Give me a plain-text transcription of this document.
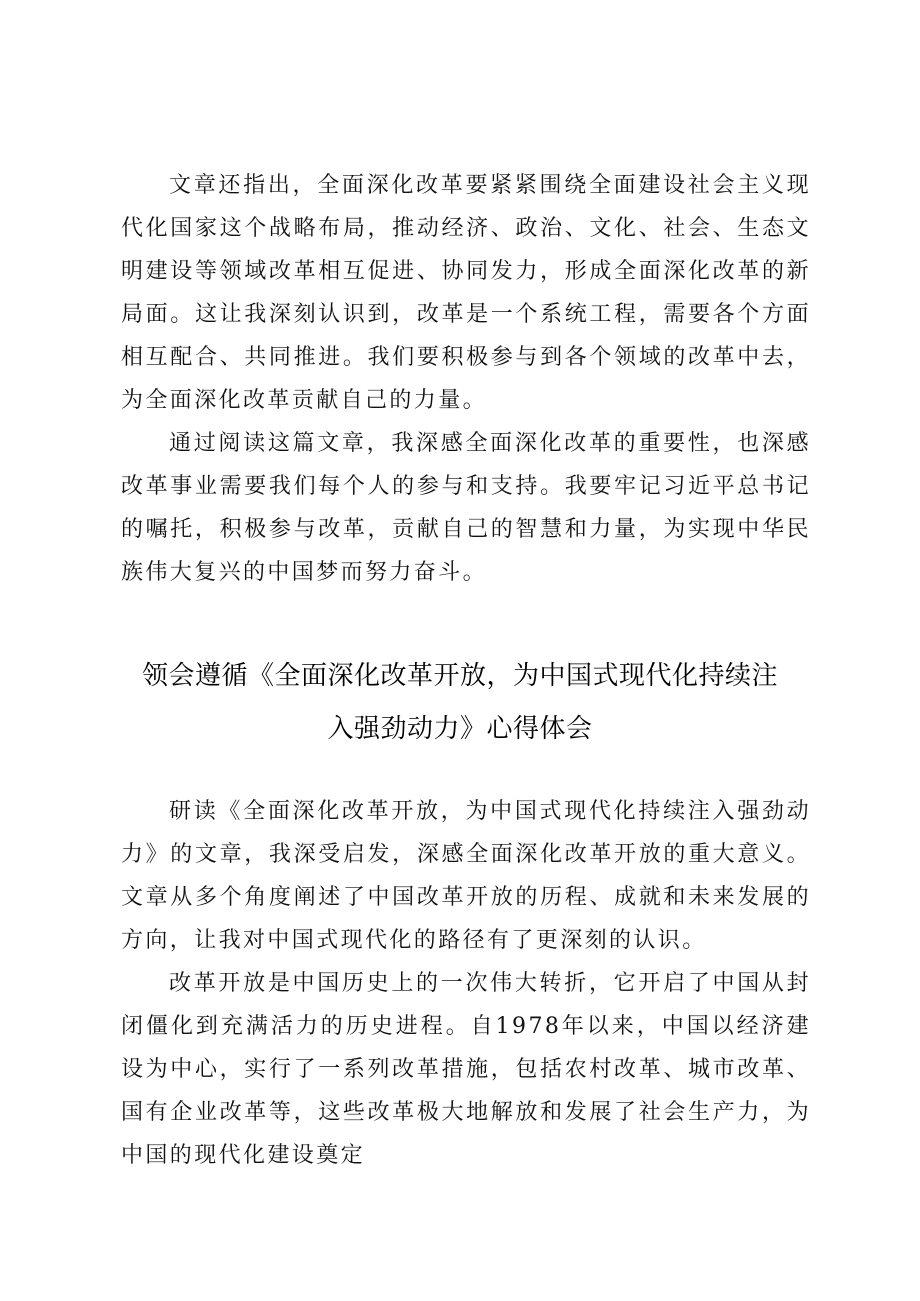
文章还指出，全面深化改革要紧紧围绕全面建设社会主义现代化国家这个战略布局，推动经济、政治、文化、社会、生态文明建设等领域改革相互促进、协同发力，形成全面深化改革的新局面。这让我深刻认识到，改革是一个系统工程，需要各个方面相互配合、共同推进。我们要积极参与到各个领域的改革中去，为全面深化改革贡献自己的力量。

通过阅读这篇文章，我深感全面深化改革的重要性，也深感改革事业需要我们每个人的参与和支持。我要牢记习近平总书记的嘱托，积极参与改革，贡献自己的智慧和力量，为实现中华民族伟大复兴的中国梦而努力奋斗。

领会遵循《全面深化改革开放，为中国式现代化持续注
入强劲动力》心得体会

研读《全面深化改革开放，为中国式现代化持续注入强劲动力》的文章，我深受启发，深感全面深化改革开放的重大意义。文章从多个角度阐述了中国改革开放的历程、成就和未来发展的方向，让我对中国式现代化的路径有了更深刻的认识。

改革开放是中国历史上的一次伟大转折，它开启了中国从封闭僵化到充满活力的历史进程。自1978年以来，中国以经济建设为中心，实行了一系列改革措施，包括农村改革、城市改革、国有企业改革等，这些改革极大地解放和发展了社会生产力，为中国的现代化建设奠定
